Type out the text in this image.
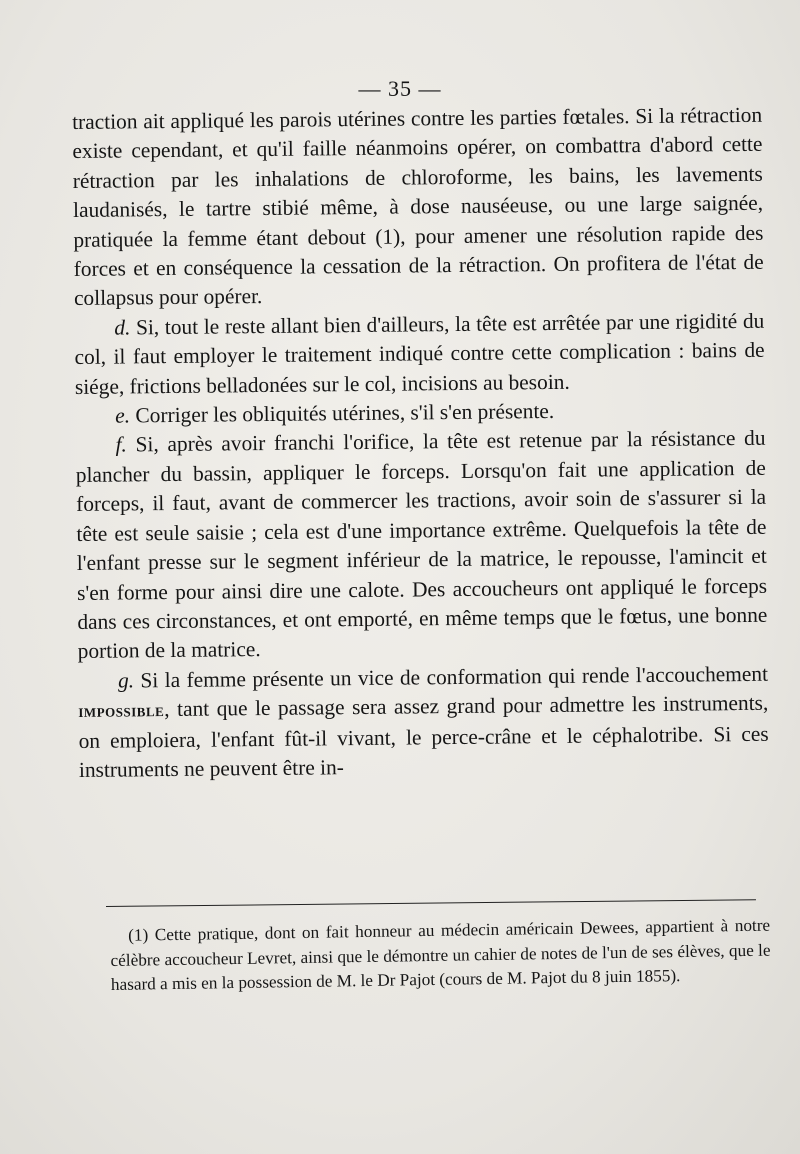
— 35 —

traction ait appliqué les parois utérines contre les parties fœtales. Si la rétraction existe cependant, et qu'il faille néanmoins opérer, on combattra d'abord cette rétraction par les inhalations de chloroforme, les bains, les lavements laudanisés, le tartre stibié même, à dose nauséeuse, ou une large saignée, pratiquée la femme étant debout (1), pour amener une résolution rapide des forces et en conséquence la cessation de la rétraction. On profitera de l'état de collapsus pour opérer.

d. Si, tout le reste allant bien d'ailleurs, la tête est arrêtée par une rigidité du col, il faut employer le traitement indiqué contre cette complication : bains de siége, frictions belladonées sur le col, incisions au besoin.

e. Corriger les obliquités utérines, s'il s'en présente.

f. Si, après avoir franchi l'orifice, la tête est retenue par la résistance du plancher du bassin, appliquer le forceps. Lorsqu'on fait une application de forceps, il faut, avant de commercer les tractions, avoir soin de s'assurer si la tête est seule saisie ; cela est d'une importance extrême. Quelquefois la tête de l'enfant presse sur le segment inférieur de la matrice, le repousse, l'amincit et s'en forme pour ainsi dire une calote. Des accoucheurs ont appliqué le forceps dans ces circonstances, et ont emporté, en même temps que le fœtus, une bonne portion de la matrice.

g. Si la femme présente un vice de conformation qui rende l'accouchement impossible, tant que le passage sera assez grand pour admettre les instruments, on emploiera, l'enfant fût-il vivant, le perce-crâne et le céphalotribe. Si ces instruments ne peuvent être in-

(1) Cette pratique, dont on fait honneur au médecin américain Dewees, appartient à notre célèbre accoucheur Levret, ainsi que le démontre un cahier de notes de l'un de ses élèves, que le hasard a mis en la possession de M. le Dr Pajot (cours de M. Pajot du 8 juin 1855).
